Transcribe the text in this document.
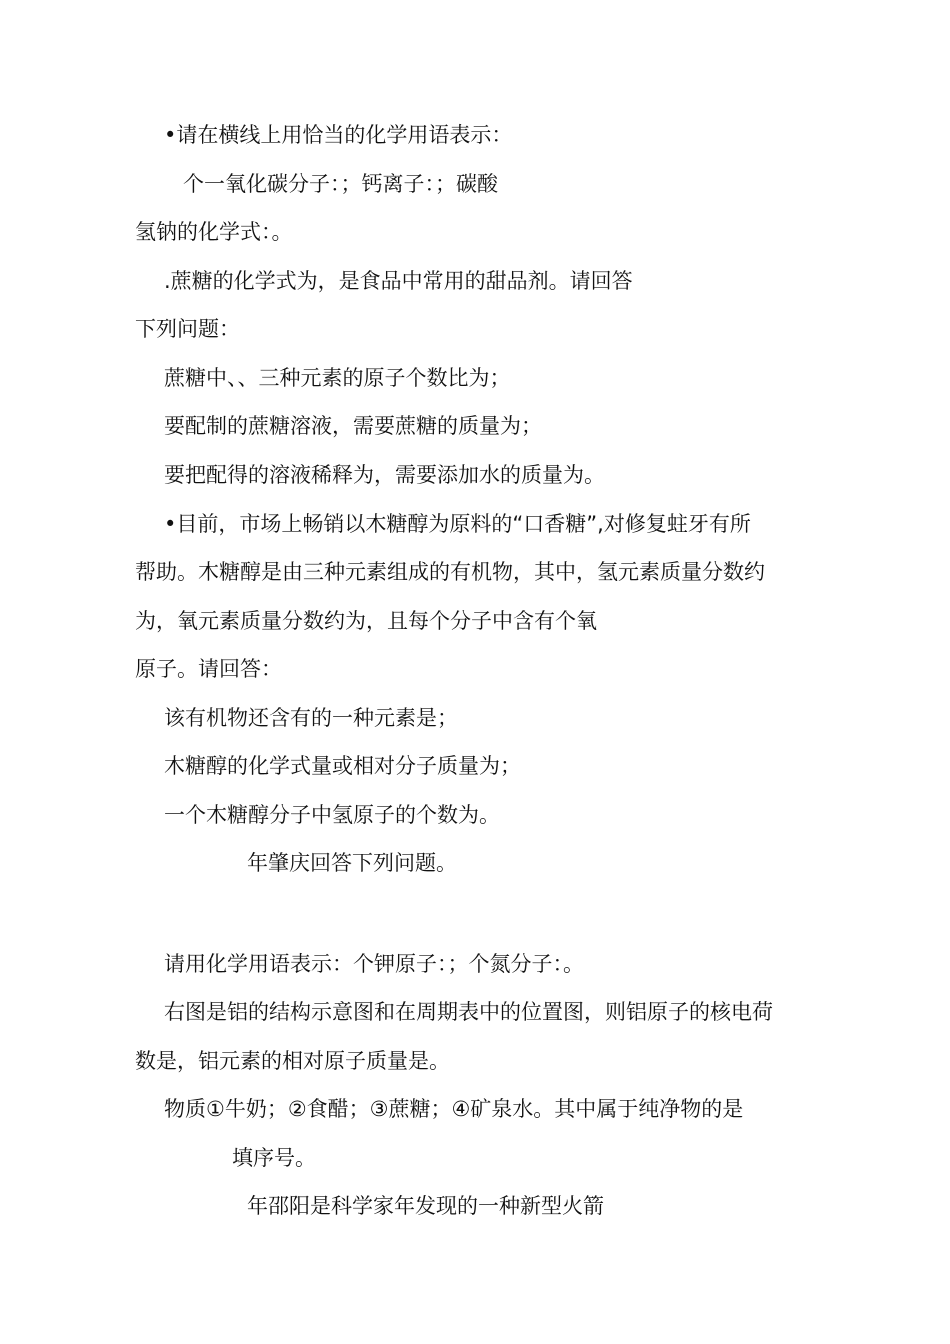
•请在横线上用恰当的化学用语表示：
个一氧化碳分子：；钙离子：；碳酸
氢钠的化学式：。
.蔗糖的化学式为，是食品中常用的甜品剂。请回答
下列问题：
蔗糖中、、三种元素的原子个数比为；
要配制的蔗糖溶液，需要蔗糖的质量为；
要把配得的溶液稀释为，需要添加水的质量为。
•目前，市场上畅销以木糖醇为原料的“口香糖”,对修复蛀牙有所
帮助。木糖醇是由三种元素组成的有机物，其中，氢元素质量分数约
为，氧元素质量分数约为，且每个分子中含有个氧
原子。请回答：
该有机物还含有的一种元素是；
木糖醇的化学式量或相对分子质量为；
一个木糖醇分子中氢原子的个数为。
年肇庆回答下列问题。
请用化学用语表示：个钾原子：；个氮分子：。
右图是铝的结构示意图和在周期表中的位置图，则铝原子的核电荷
数是，铝元素的相对原子质量是。
物质①牛奶；②食醋；③蔗糖；④矿泉水。其中属于纯净物的是
填序号。
年邵阳是科学家年发现的一种新型火箭
